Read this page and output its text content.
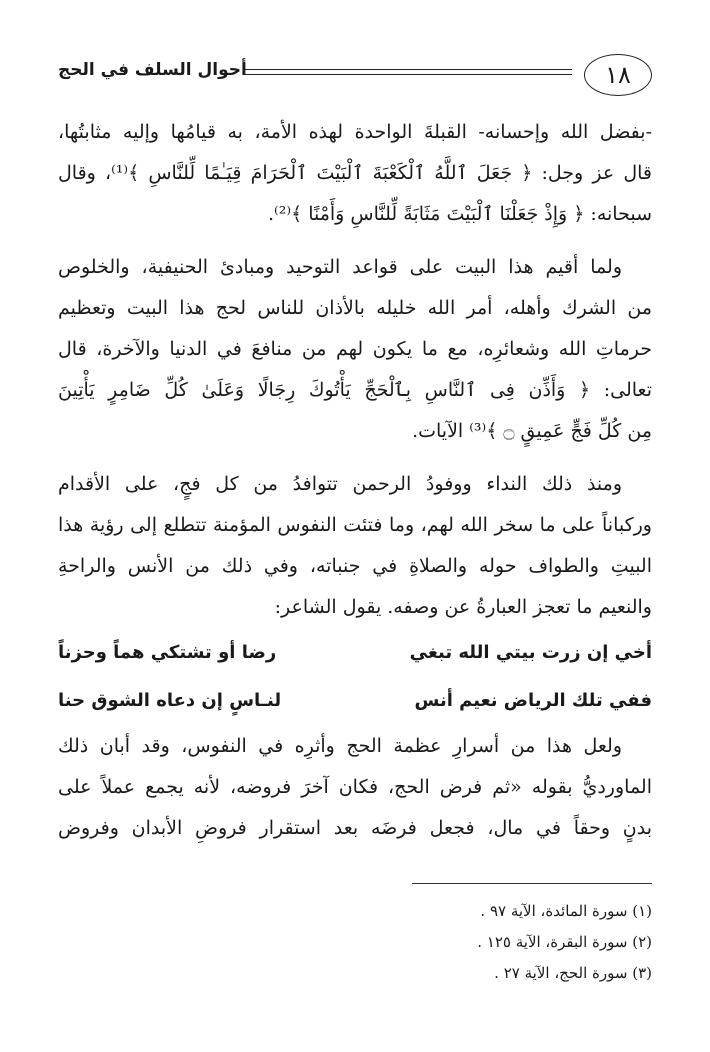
١٨
أحوال السلف في الحج
-بفضل الله وإحسانه- القبلةَ الواحدة لهذه الأمة، به قيامُها وإليه مثابتُها،
قال عز وجل: ﴿ جَعَلَ ٱللَّهُ ٱلْكَعْبَةَ ٱلْبَيْتَ ٱلْحَرَامَ قِيَـٰمًا لِّلنَّاسِ ﴾⁽¹⁾، وقال
سبحانه: ﴿ وَإِذْ جَعَلْنَا ٱلْبَيْتَ مَثَابَةً لِّلنَّاسِ وَأَمْنًا ﴾⁽²⁾.
ولما أقيم هذا البيت على قواعد التوحيد ومبادئ الحنيفية، والخلوص
من الشرك وأهله، أمر الله خليله بالأذان للناس لحج هذا البيت وتعظيم
حرماتِ الله وشعائرِه، مع ما يكون لهم من منافعَ في الدنيا والآخرة، قال
تعالى: ﴿ وَأَذِّن فِى ٱلنَّاسِ بِٱلْحَجِّ يَأْتُوكَ رِجَالًا وَعَلَىٰ كُلِّ ضَامِرٍ يَأْتِينَ
مِن كُلِّ فَجٍّ عَمِيقٍ ۝ ﴾⁽³⁾ الآيات.
ومنذ ذلك النداء ووفودُ الرحمن تتوافدُ من كل فجٍ، على الأقدام
وركباناً على ما سخر الله لهم، وما فتئت النفوس المؤمنة تتطلع إلى رؤية هذا
البيتِ والطواف حوله والصلاةِ في جنباته، وفي ذلك من الأنس والراحةِ
والنعيم ما تعجز العبارةُ عن وصفه. يقول الشاعر:
أخي إن زرت بيتي الله تبغي
رضا أو تشتكي هماً وحزناً
ففي تلك الرياض نعيم أنس
لنـاسٍ إن دعاه الشوق حنا
ولعل هذا من أسرارِ عظمة الحج وأثرِه في النفوس، وقد أبان ذلك
الماورديُّ بقوله «ثم فرض الحج، فكان آخرَ فروضه، لأنه يجمع عملاً على
بدنٍ وحقاً في مال، فجعل فرضَه بعد استقرار فروضِ الأبدان وفروض
(١) سورة المائدة، الآية ٩٧ .
(٢) سورة البقرة، الآية ١٢٥ .
(٣) سورة الحج، الآية ٢٧ .
